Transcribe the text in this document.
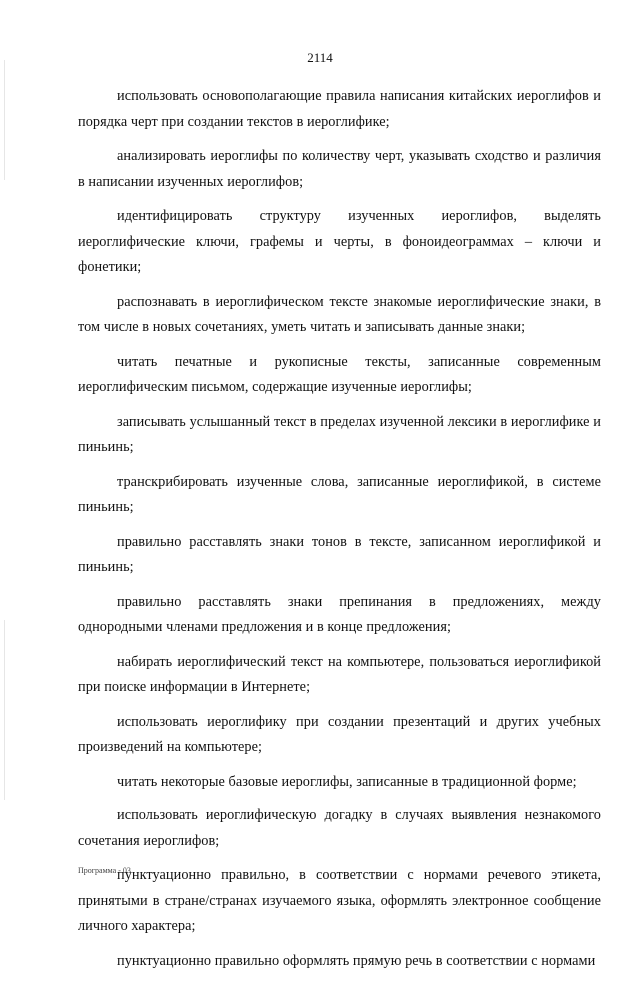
2114

использовать основополагающие правила написания китайских иероглифов и порядка черт при создании текстов в иероглифике;

анализировать иероглифы по количеству черт, указывать сходство и различия в написании изученных иероглифов;

идентифицировать структуру изученных иероглифов, выделять иероглифические ключи, графемы и черты, в фоноидеограммах – ключи и фонетики;

распознавать в иероглифическом тексте знакомые иероглифические знаки, в том числе в новых сочетаниях, уметь читать и записывать данные знаки;

читать печатные и рукописные тексты, записанные современным иероглифическим письмом, содержащие изученные иероглифы;

записывать услышанный текст в пределах изученной лексики в иероглифике и пиньинь;

транскрибировать изученные слова, записанные иероглификой, в системе пиньинь;

правильно расставлять знаки тонов в тексте, записанном иероглификой и пиньинь;

правильно расставлять знаки препинания в предложениях, между однородными членами предложения и в конце предложения;

набирать иероглифический текст на компьютере, пользоваться иероглификой при поиске информации в Интернете;

использовать иероглифику при создании презентаций и других учебных произведений на компьютере;

читать некоторые базовые иероглифы, записанные в традиционной форме;

использовать иероглифическую догадку в случаях выявления незнакомого сочетания иероглифов;

пунктуационно правильно, в соответствии с нормами речевого этикета, принятыми в стране/странах изучаемого языка, оформлять электронное сообщение личного характера;

пунктуационно правильно оформлять прямую речь в соответствии с нормами

Программа - 03
